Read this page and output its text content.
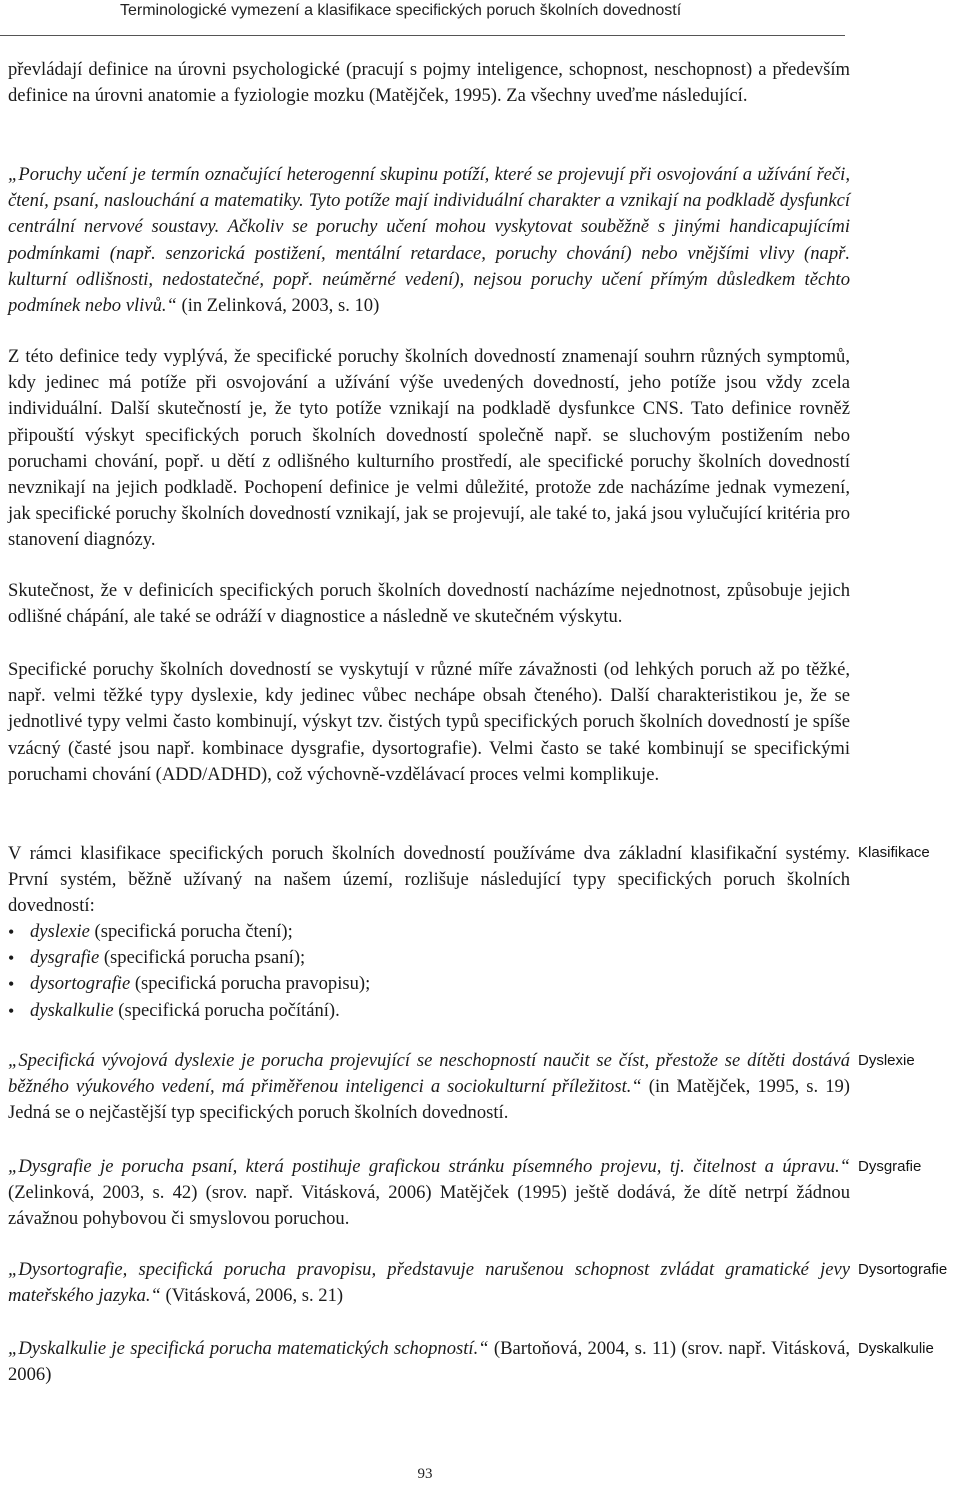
Terminologické vymezení a klasifikace specifických poruch školních dovedností

převládají definice na úrovni psychologické (pracují s pojmy inteligence, schopnost, neschopnost) a především definice na úrovni anatomie a fyziologie mozku (Matějček, 1995). Za všechny uveďme následující.

„Poruchy učení je termín označující heterogenní skupinu potíží, které se projevují při osvojování a užívání řeči, čtení, psaní, naslouchání a matematiky. Tyto potíže mají individuální charakter a vznikají na podkladě dysfunkcí centrální nervové soustavy. Ačkoliv se poruchy učení mohou vyskytovat souběžně s jinými handicapujícími podmínkami (např. senzorická postižení, mentální retardace, poruchy chování) nebo vnějšími vlivy (např. kulturní odlišnosti, nedostatečné, popř. neúměrné vedení), nejsou poruchy učení přímým důsledkem těchto podmínek nebo vlivů.“ (in Zelinková, 2003, s. 10)

Z této definice tedy vyplývá, že specifické poruchy školních dovedností znamenají souhrn různých symptomů, kdy jedinec má potíže při osvojování a užívání výše uvedených dovedností, jeho potíže jsou vždy zcela individuální. Další skutečností je, že tyto potíže vznikají na podkladě dysfunkce CNS. Tato definice rovněž připouští výskyt specifických poruch školních dovedností společně např. se sluchovým postižením nebo poruchami chování, popř. u dětí z odlišného kulturního prostředí, ale specifické poruchy školních dovedností nevznikají na jejich podkladě. Pochopení definice je velmi důležité, protože zde nacházíme jednak vymezení, jak specifické poruchy školních dovedností vznikají, jak se projevují, ale také to, jaká jsou vylučující kritéria pro stanovení diagnózy.

Skutečnost, že v definicích specifických poruch školních dovedností nacházíme nejednotnost, způsobuje jejich odlišné chápání, ale také se odráží v diagnostice a následně ve skutečném výskytu.

Specifické poruchy školních dovedností se vyskytují v různé míře závažnosti (od lehkých poruch až po těžké, např. velmi těžké typy dyslexie, kdy jedinec vůbec nechápe obsah čteného). Další charakteristikou je, že se jednotlivé typy velmi často kombinují, výskyt tzv. čistých typů specifických poruch školních dovedností je spíše vzácný (časté jsou např. kombinace dysgrafie, dysortografie). Velmi často se také kombinují se specifickými poruchami chování (ADD/ADHD), což výchovně-vzdělávací proces velmi komplikuje.

V rámci klasifikace specifických poruch školních dovedností používáme dva základní klasifikační systémy. První systém, běžně užívaný na našem území, rozlišuje následující typy specifických poruch školních dovedností:

• dyslexie (specifická porucha čtení);
• dysgrafie (specifická porucha psaní);
• dysortografie (specifická porucha pravopisu);
• dyskalkulie (specifická porucha počítání).

„Specifická vývojová dyslexie je porucha projevující se neschopností naučit se číst, přestože se dítěti dostává běžného výukového vedení, má přiměřenou inteligenci a sociokulturní příležitost.“ (in Matějček, 1995, s. 19) Jedná se o nejčastější typ specifických poruch školních dovedností.

„Dysgrafie je porucha psaní, která postihuje grafickou stránku písemného projevu, tj. čitelnost a úpravu.“ (Zelinková, 2003, s. 42) (srov. např. Vitásková, 2006) Matějček (1995) ještě dodává, že dítě netrpí žádnou závažnou pohybovou či smyslovou poruchou.

„Dysortografie, specifická porucha pravopisu, představuje narušenou schopnost zvládat gramatické jevy mateřského jazyka.“ (Vitásková, 2006, s. 21)

„Dyskalkulie je specifická porucha matematických schopností.“ (Bartoňová, 2004, s. 11) (srov. např. Vitásková, 2006)

Klasifikace
Dyslexie
Dysgrafie
Dysortografie
Dyskalkulie
93
